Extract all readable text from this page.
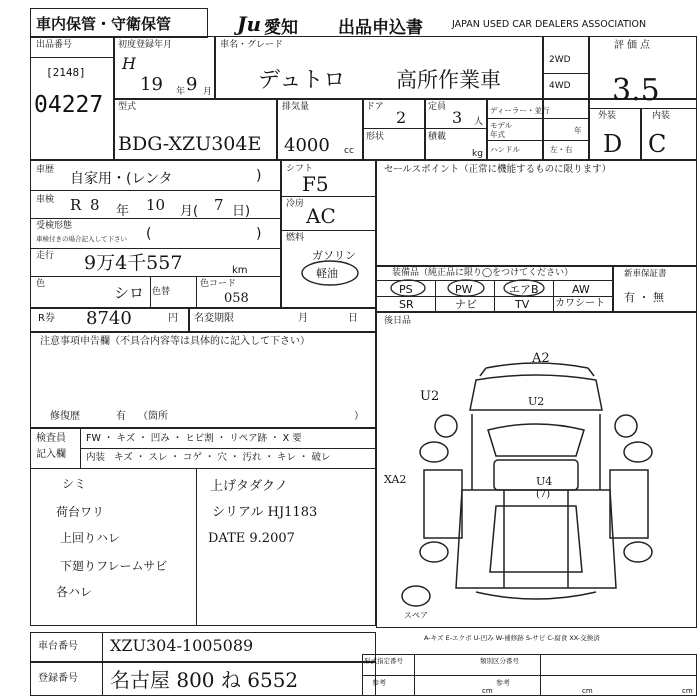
車内保管・守衛保管	Ju 愛知 出品申込書	JAPAN USED CAR DEALERS ASSOCIATION
出品番号
[2148]
04227
初度登録年月
H
19 年 9 月
車名・グレード
デュトロ 高所作業車
2WD
4WD
評価点
3.5
型式
BDG-XZU304E
排気量
4000 cc
ドア
2
定員
3 人
形状	積載
kg
ディーラー・並行
モデル
年式	年
ハンドル	左・右
外装	内装
D C
車歴
自家用・(レンタ	)
車検 R 8 年 10 月( 7 日)
受検形態
車検付きの場合記入して下さい (	)
走行 9万4千557	km
色	シロ 色替
色コード
058
シフト
F5
冷房 AC
燃料
ガソリン
軽油
セールスポイント（正常に機能するものに限ります）
装備品（純正品に限り◯をつけてください）
PS	PW	エアB	AW
SR	ナビ	TV	カワシート
新車保証書
有 ・ 無
R券 8740	円 名変期限	月	日	後日品
注意事項申告欄（不具合内容等は具体的に記入して下さい）
修復歴	有 （箇所	）
検査員
記入欄
FW ・ キズ ・ 凹み ・ ヒビ割 ・ リペア跡 ・ X 要
内装 キズ ・ スレ ・ コゲ ・ 穴 ・ 汚れ ・ キレ ・ 破レ
シミ
荷台ワリ
上回りハレ
下廻りフレームサビ
各ハレ
上げタダクノ
シリアル HJ1183
DATE 9.2007
A2
U2	U2
U4
(7)
XA2
スペア
A-キズ E-エクボ U-凹み W-補修跡 S-サビ C-腐食 XX-交換済
車台番号 XZU304-1005089
登録番号 名古屋 800 ね 6552
形式指定番号	類別区分番号
参考	参考
cm	cm	cm
